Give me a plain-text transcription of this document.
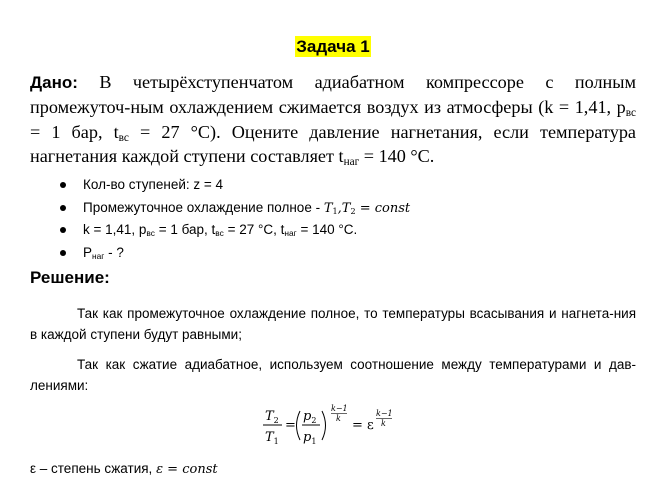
Задача 1
Дано: В четырёхступенчатом адиабатном компрессоре с полным промежуточ-ным охлаждением сжимается воздух из атмосферы (k = 1,41, $p_{вс} = 1$ бар, $t_{вс} = 27$ °C). Оцените давление нагнетания, если температура нагнетания каждой ступени составляет $t_{наг} = 140$ °C.
Кол-во ступеней: z = 4
Промежуточное охлаждение полное - $T_1,T_2$ = const
k = 1,41, $p_{вс} = 1$ бар, $t_{вс} = 27$ °C, $t_{наг} = 140$ °C.
$P_{наг}$ - ?
Решение:
Так как промежуточное охлаждение полное, то температуры всасывания и нагнета-ния в каждой ступени будут равными;
Так как сжатие адиабатное, используем соотношение между температурами и дав-лениями:
$T_2$
$T_1$
=
$p_2$
$p_1$
k−1
k = ε
k−1
k
ε – степень сжатия, ε = const
